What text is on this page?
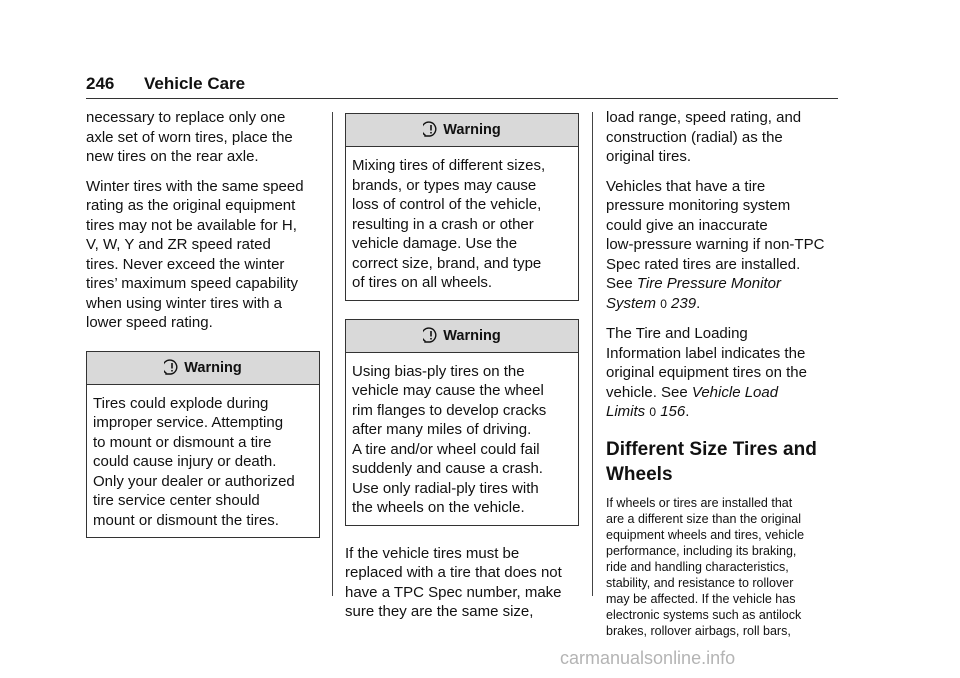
246 Vehicle Care

necessary to replace only one
axle set of worn tires, place the
new tires on the rear axle.

Winter tires with the same speed
rating as the original equipment
tires may not be available for H,
V, W, Y and ZR speed rated
tires. Never exceed the winter
tires’ maximum speed capability
when using winter tires with a
lower speed rating.

Warning
Tires could explode during
improper service. Attempting
to mount or dismount a tire
could cause injury or death.
Only your dealer or authorized
tire service center should
mount or dismount the tires.
Warning
Mixing tires of different sizes,
brands, or types may cause
loss of control of the vehicle,
resulting in a crash or other
vehicle damage. Use the
correct size, brand, and type
of tires on all wheels.
Warning
Using bias-ply tires on the
vehicle may cause the wheel
rim flanges to develop cracks
after many miles of driving.
A tire and/or wheel could fail
suddenly and cause a crash.
Use only radial-ply tires with
the wheels on the vehicle.

If the vehicle tires must be
replaced with a tire that does not
have a TPC Spec number, make
sure they are the same size,

load range, speed rating, and
construction (radial) as the
original tires.

Vehicles that have a tire
pressure monitoring system
could give an inaccurate
low-pressure warning if non-TPC
Spec rated tires are installed.
See Tire Pressure Monitor
System 0 239.

The Tire and Loading
Information label indicates the
original equipment tires on the
vehicle. See Vehicle Load
Limits 0 156.

Different Size Tires and
Wheels
If wheels or tires are installed that
are a different size than the original
equipment wheels and tires, vehicle
performance, including its braking,
ride and handling characteristics,
stability, and resistance to rollover
may be affected. If the vehicle has
electronic systems such as antilock
brakes, rollover airbags, roll bars,
carmanualsonline.info
